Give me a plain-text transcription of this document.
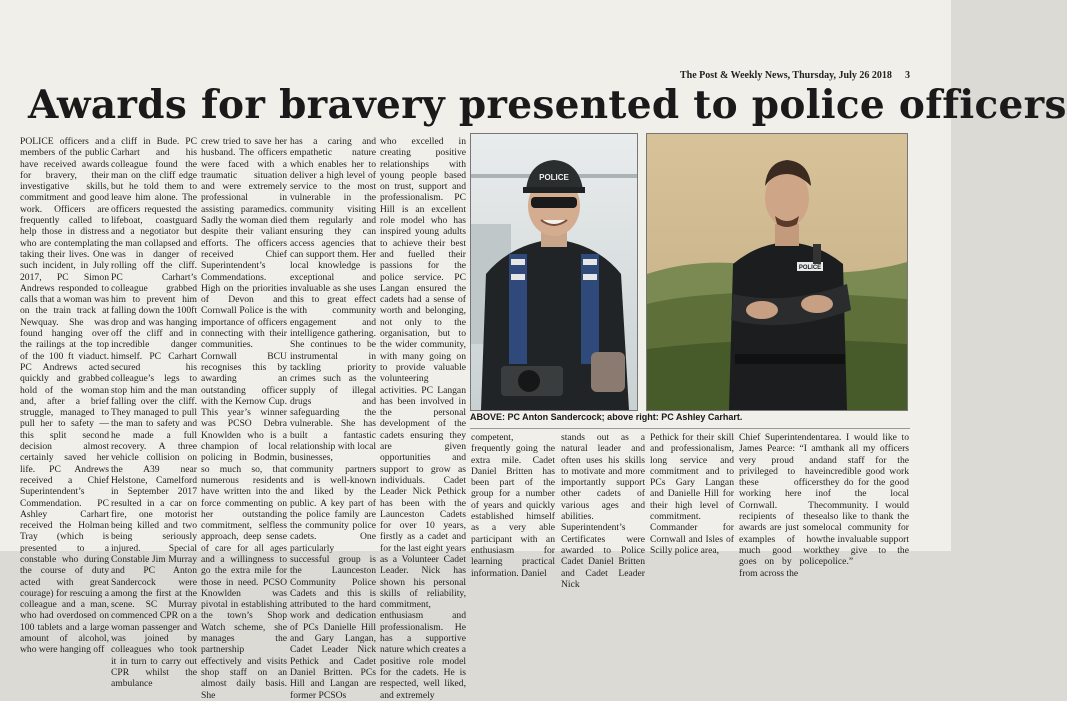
The Post & Weekly News, Thursday, July 26 2018 3
Awards for bravery presented to police officers
POLICE officers and members of the public have received awards for bravery, their investigative skills, commitment and good work. Officers are frequently called to help those in distress who are contemplating taking their lives. One such incident, in July 2017, PC Simon Andrews responded to calls that a woman was on the train track at Newquay. She was found hanging over the railings at the top of the 100 ft viaduct. PC Andrews acted quickly and grabbed hold of the woman and, after a brief struggle, managed to pull her to safety — this split second decision almost certainly saved her life. PC Andrews received a Chief Superintendent’s Commendation. PC Ashley Carhart received the Holman Tray (which is presented to a constable who during the course of duty acted with great courage) for rescuing a colleague and a man, who had overdosed on 100 tablets and a large amount of alcohol, who were hanging off
a cliff in Bude. PC Carhart and his colleague found the man on the cliff edge but he told them to leave him alone. The officers requested the lifeboat, coastguard and a negotiator but the man collapsed and was in danger of rolling off the cliff. PC Carhart’s colleague grabbed him to prevent him falling down the 100ft drop and was hanging off the cliff and in incredible danger himself. PC Carhart secured his colleague’s legs to stop him and the man falling over the cliff. They managed to pull the man to safety and he made a full recovery. A three vehicle collision on the A39 near Helstone, Camelford in September 2017 resulted in a car on fire, one motorist being killed and two being seriously injured. Special Constable Jim Murray and PC Anton Sandercock were among the first at the scene. SC Murray commenced CPR on a woman passenger and was joined by colleagues who took it in turn to carry out CPR whilst the ambulance
crew tried to save her husband. The officers were faced with a traumatic situation and were extremely professional in assisting paramedics. Sadly the woman died despite their valiant efforts. The officers received Chief Superintendent’s Commendations. High on the priorities of Devon and Cornwall Police is the importance of officers connecting with their communities. Cornwall BCU recognises this by awarding an outstanding officer with the Kernow Cup. This year’s winner was PCSO Debra Knowlden who is a champion of local policing in Bodmin, so much so, that numerous residents have written into the force commenting on her outstanding commitment, selfless approach, deep sense of care for all ages and a willingness to go the extra mile for those in need. PCSO Knowlden was pivotal in establishing the town’s Shop Watch scheme, she manages the partnership effectively and visits shop staff on an almost daily basis. She
has a caring and empathetic nature which enables her to deliver a high level of service to the most vulnerable in the community visiting them regularly and ensuring they can access agencies that can support them. Her local knowledge is exceptional and invaluable as she uses this to great effect with community engagement and intelligence gathering. She continues to be instrumental in tackling priority crimes such as the supply of illegal drugs and safeguarding the vulnerable. She has built a fantastic relationship with local businesses, community partners and is well-known and liked by the public. A key part of the police family are the community police cadets. One particularly successful group is the Launceston Community Police Cadets and this is attributed to the hard work and dedication of PCs Danielle Hill and Gary Langan, Cadet Leader Nick Pethick and Cadet Daniel Britten. PCs Hill and Langan are former PCSOs
who excelled in creating positive relationships with young people based on trust, support and professionalism. PC Hill is an excellent role model who has inspired young adults to achieve their best and fuelled their passions for the police service. PC Langan ensured the cadets had a sense of worth and belonging, not only to the organisation, but to the wider community, with many going on to provide valuable volunteering activities. PC Langan has been involved in the personal development of the cadets ensuring they are given opportunities and support to grow as individuals. Cadet Leader Nick Pethick has been with the Launceston Cadets for over 10 years, firstly as a cadet and for the last eight years as a Volunteer Cadet Leader. Nick has shown his personal skills of reliability, commitment, enthusiasm and professionalism. He has a supportive nature which creates a positive role model for the cadets. He is respected, well liked, and extremely
POLICE
POLICE
ABOVE: PC Anton Sandercock; above right: PC Ashley Carhart.
competent, frequently going the extra mile. Cadet Daniel Britten has been part of the group for a number of years and quickly established himself as a very able participant with an enthusiasm for learning practical information. Daniel
stands out as a natural leader and often uses his skills to motivate and more importantly support other cadets of various ages and abilities. Superintendent’s Certificates were awarded to Police Cadet Daniel Britten and Cadet Leader Nick
Pethick for their skill and professionalism, long service and commitment and to PCs Gary Langan and Danielle Hill for their high level of commitment. Commander for Cornwall and Isles of Scilly police area,
Chief Superintendent James Pearce: “I am very proud and privileged to have these officers working here in Cornwall. The recipients of these awards are just some examples of how much good work goes on by police from across the
area. I would like to thank all my officers and staff for the incredible good work they do for the good of the local community. I would also like to thank the local community for the invaluable support they give to the police.”
